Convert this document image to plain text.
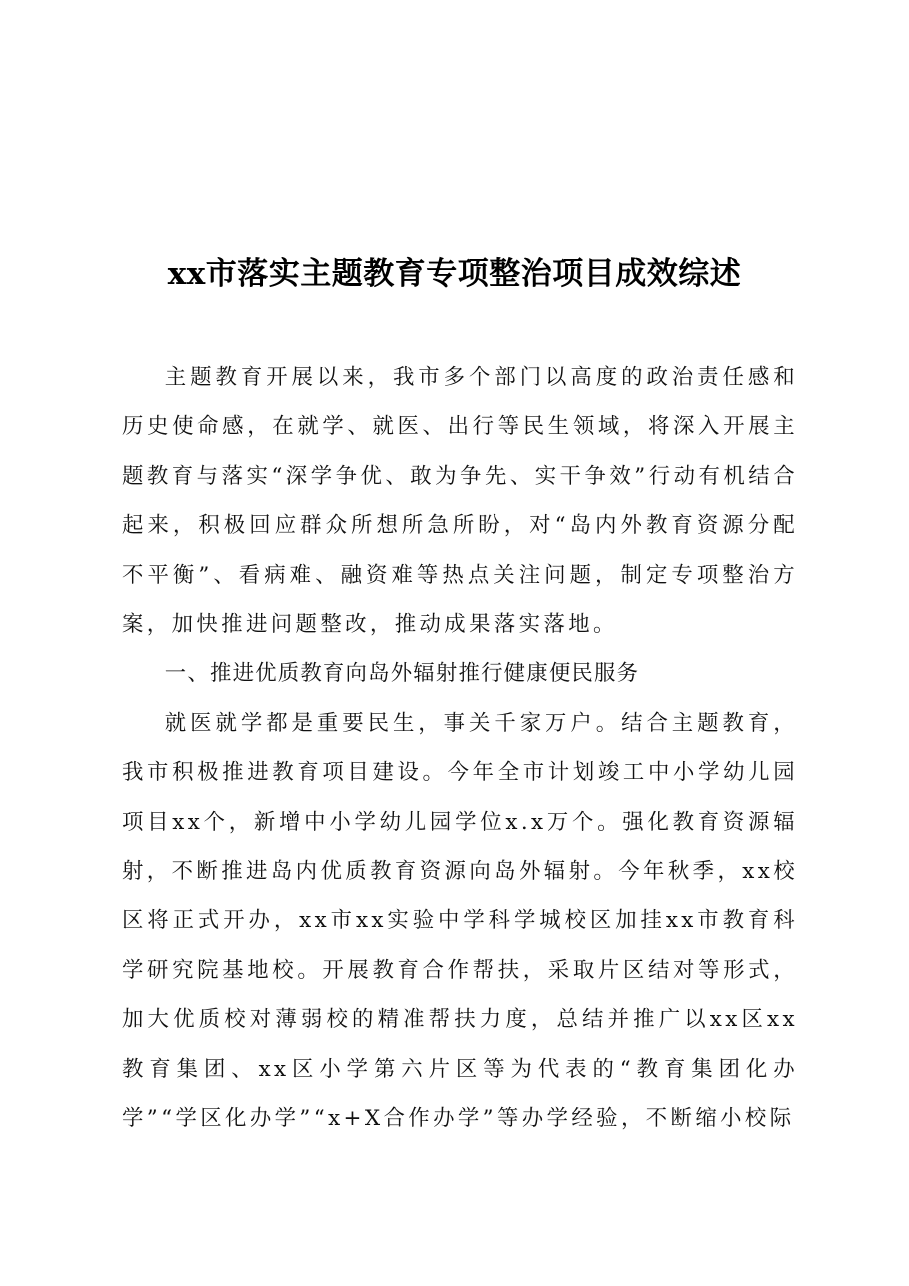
xx市落实主题教育专项整治项目成效综述

主题教育开展以来，我市多个部门以高度的政治责任感和历史使命感，在就学、就医、出行等民生领域，将深入开展主题教育与落实“深学争优、敢为争先、实干争效”行动有机结合起来，积极回应群众所想所急所盼，对“岛内外教育资源分配不平衡”、看病难、融资难等热点关注问题，制定专项整治方案，加快推进问题整改，推动成果落实落地。

一、推进优质教育向岛外辐射推行健康便民服务

就医就学都是重要民生，事关千家万户。结合主题教育，我市积极推进教育项目建设。今年全市计划竣工中小学幼儿园项目xx个，新增中小学幼儿园学位x.x万个。强化教育资源辐射，不断推进岛内优质教育资源向岛外辐射。今年秋季，xx校区将正式开办，xx市xx实验中学科学城校区加挂xx市教育科学研究院基地校。开展教育合作帮扶，采取片区结对等形式，加大优质校对薄弱校的精准帮扶力度，总结并推广以xx区xx教育集团、xx区小学第六片区等为代表的“教育集团化办学”“学区化办学”“x+X合作办学”等办学经验，不断缩小校际
